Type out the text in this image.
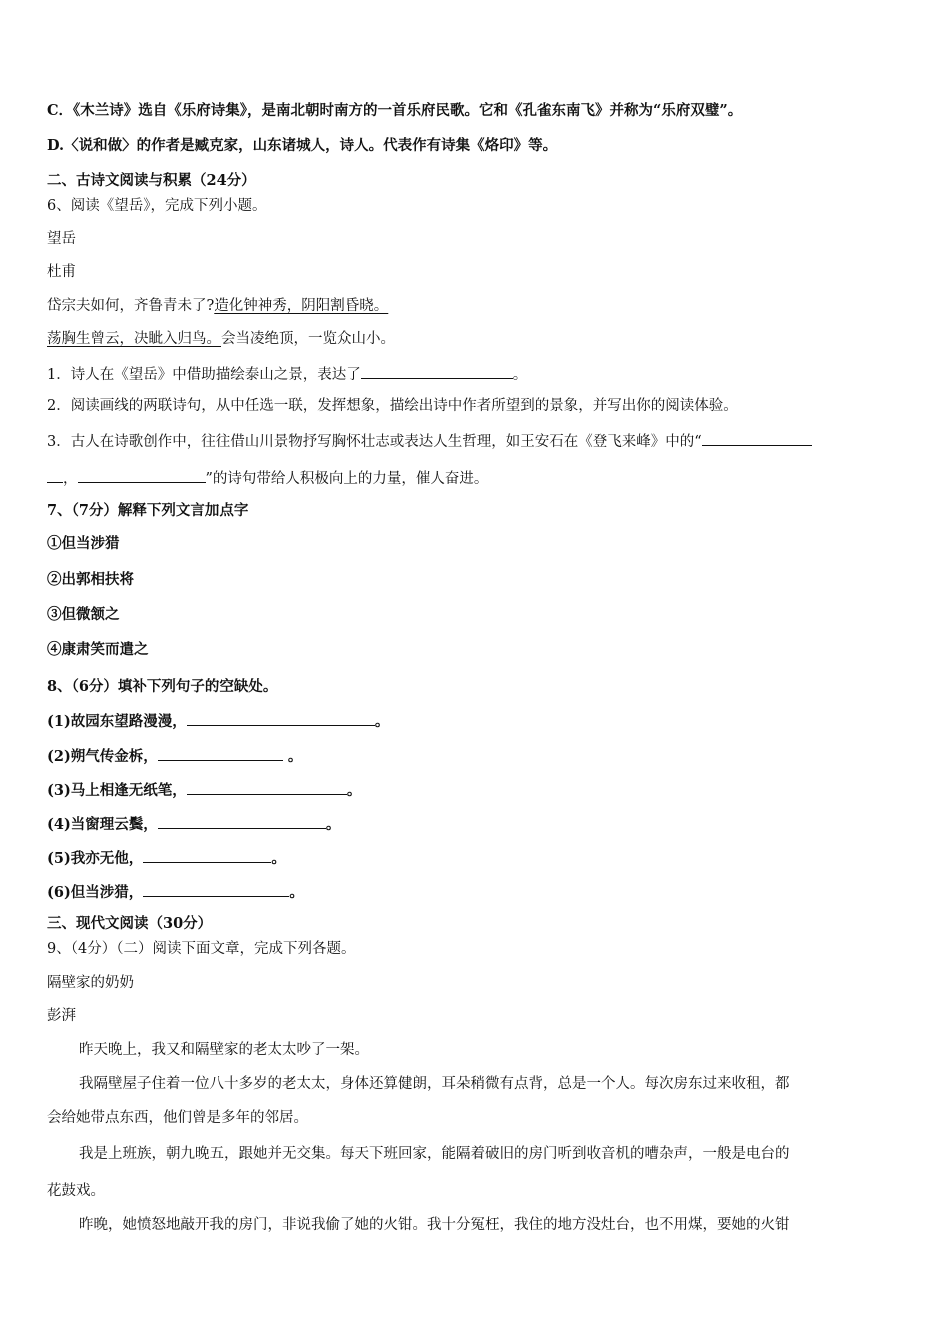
C．《木兰诗》选自《乐府诗集》，是南北朝时南方的一首乐府民歌。它和《孔雀东南飞》并称为“乐府双璧”。
D.〈说和做〉的作者是臧克家，山东诸城人，诗人。代表作有诗集《烙印》等。
二、古诗文阅读与积累（24分）
6、阅读《望岳》，完成下列小题。
望岳
杜甫
岱宗夫如何，齐鲁青未了?造化钟神秀，阴阳割昏晓。
荡胸生曾云，决眦入归鸟。会当凌绝顶，一览众山小。
1．诗人在《望岳》中借助描绘泰山之景，表达了	。
2．阅读画线的两联诗句，从中任选一联，发挥想象，描绘出诗中作者所望到的景象，并写出你的阅读体验。
3．古人在诗歌创作中，往往借山川景物抒写胸怀壮志或表达人生哲理，如王安石在《登飞来峰》中的“
，	”的诗句带给人积极向上的力量，催人奋进。
7、（7分）解释下列文言加点字
①但当涉猎
②出郭相扶将
③但微颔之
④康肃笑而遣之
8、（6分）填补下列句子的空缺处。
(1)故园东望路漫漫，	。
(2)朔气传金柝，	。
(3)马上相逢无纸笔，	。
(4)当窗理云鬓，	。
(5)我亦无他，	。
(6)但当涉猎，	。
三、现代文阅读（30分）
9、（4分）（二）阅读下面文章，完成下列各题。
隔壁家的奶奶
彭湃
昨天晚上，我又和隔壁家的老太太吵了一架。
我隔壁屋子住着一位八十多岁的老太太，身体还算健朗，耳朵稍微有点背，总是一个人。每次房东过来收租，都
会给她带点东西，他们曾是多年的邻居。
我是上班族，朝九晚五，跟她并无交集。每天下班回家，能隔着破旧的房门听到收音机的嘈杂声，一般是电台的
花鼓戏。
昨晚，她愤怒地敲开我的房门，非说我偷了她的火钳。我十分冤枉，我住的地方没灶台，也不用煤，要她的火钳
